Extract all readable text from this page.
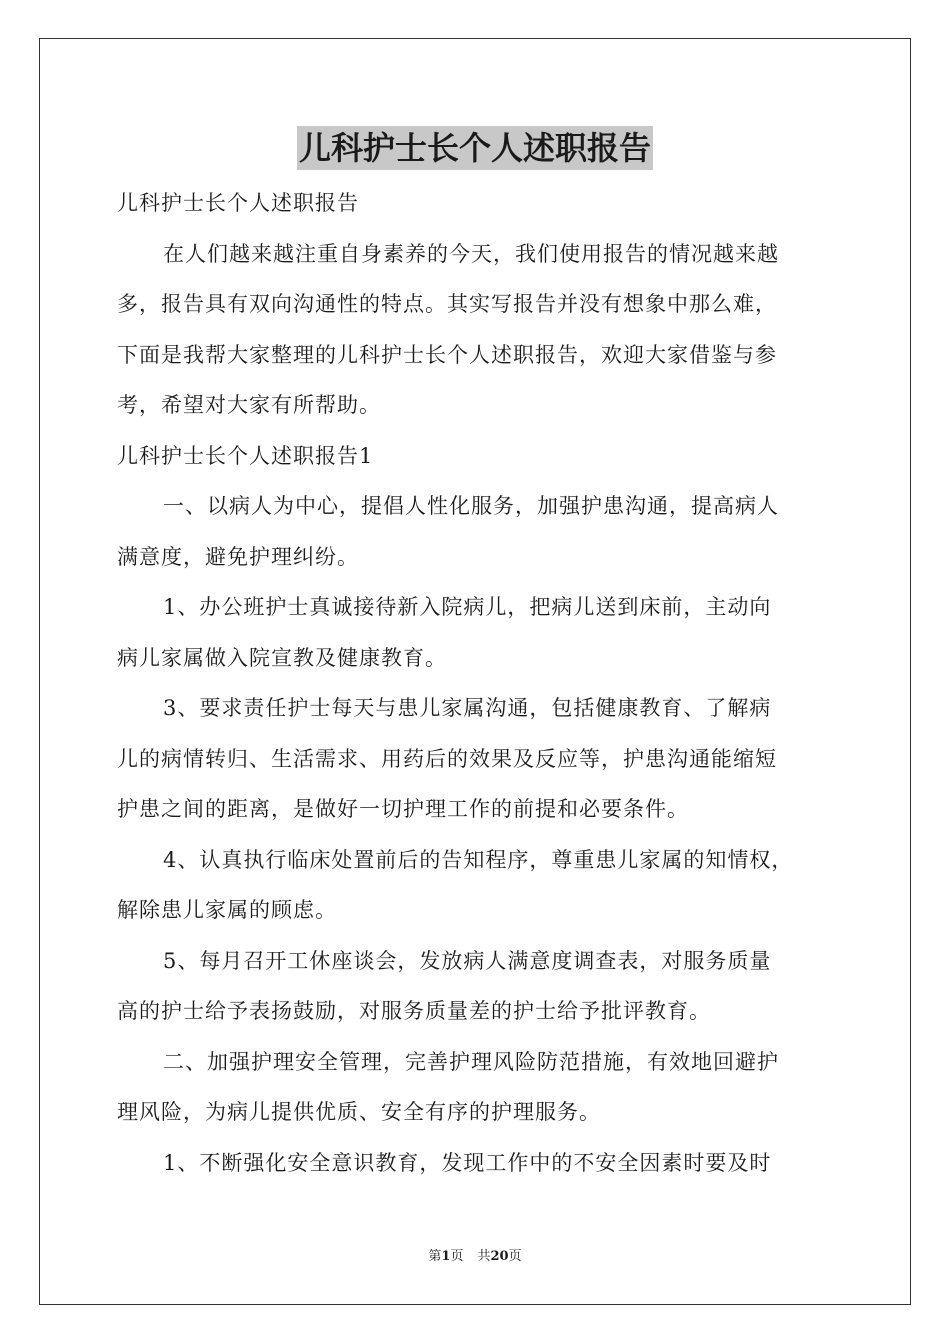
儿科护士长个人述职报告
儿科护士长个人述职报告
在人们越来越注重自身素养的今天，我们使用报告的情况越来越
多，报告具有双向沟通性的特点。其实写报告并没有想象中那么难，
下面是我帮大家整理的儿科护士长个人述职报告，欢迎大家借鉴与参
考，希望对大家有所帮助。
儿科护士长个人述职报告1
一、以病人为中心，提倡人性化服务，加强护患沟通，提高病人
满意度，避免护理纠纷。
1、办公班护士真诚接待新入院病儿，把病儿送到床前，主动向
病儿家属做入院宣教及健康教育。
3、要求责任护士每天与患儿家属沟通，包括健康教育、了解病
儿的病情转归、生活需求、用药后的效果及反应等，护患沟通能缩短
护患之间的距离，是做好一切护理工作的前提和必要条件。
4、认真执行临床处置前后的告知程序，尊重患儿家属的知情权，
解除患儿家属的顾虑。
5、每月召开工休座谈会，发放病人满意度调查表，对服务质量
高的护士给予表扬鼓励，对服务质量差的护士给予批评教育。
二、加强护理安全管理，完善护理风险防范措施，有效地回避护
理风险，为病儿提供优质、安全有序的护理服务。
1、不断强化安全意识教育，发现工作中的不安全因素时要及时
第1页 共20页
